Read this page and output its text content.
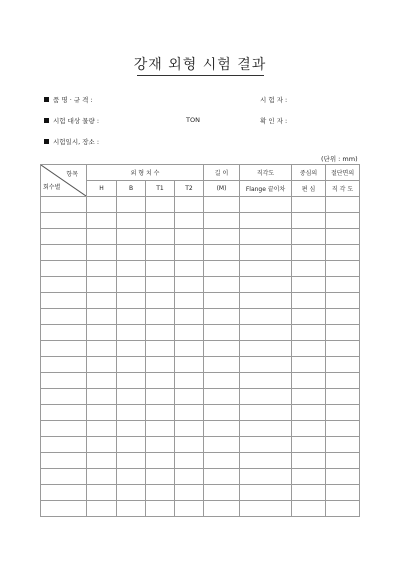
강재 외형 시험 결과
품 명 · 규 격 :	시 험 자 :
시험 대상 물량 :	TON	확 인 자 :
시험일시, 장소 :
(단위 : mm)
항목
회수별	외 형 치 수				길 이	직각도	중심의	절단면의
	H	B	T1	T2	(M)	Flange 끝이차	편 심	직 각 도
